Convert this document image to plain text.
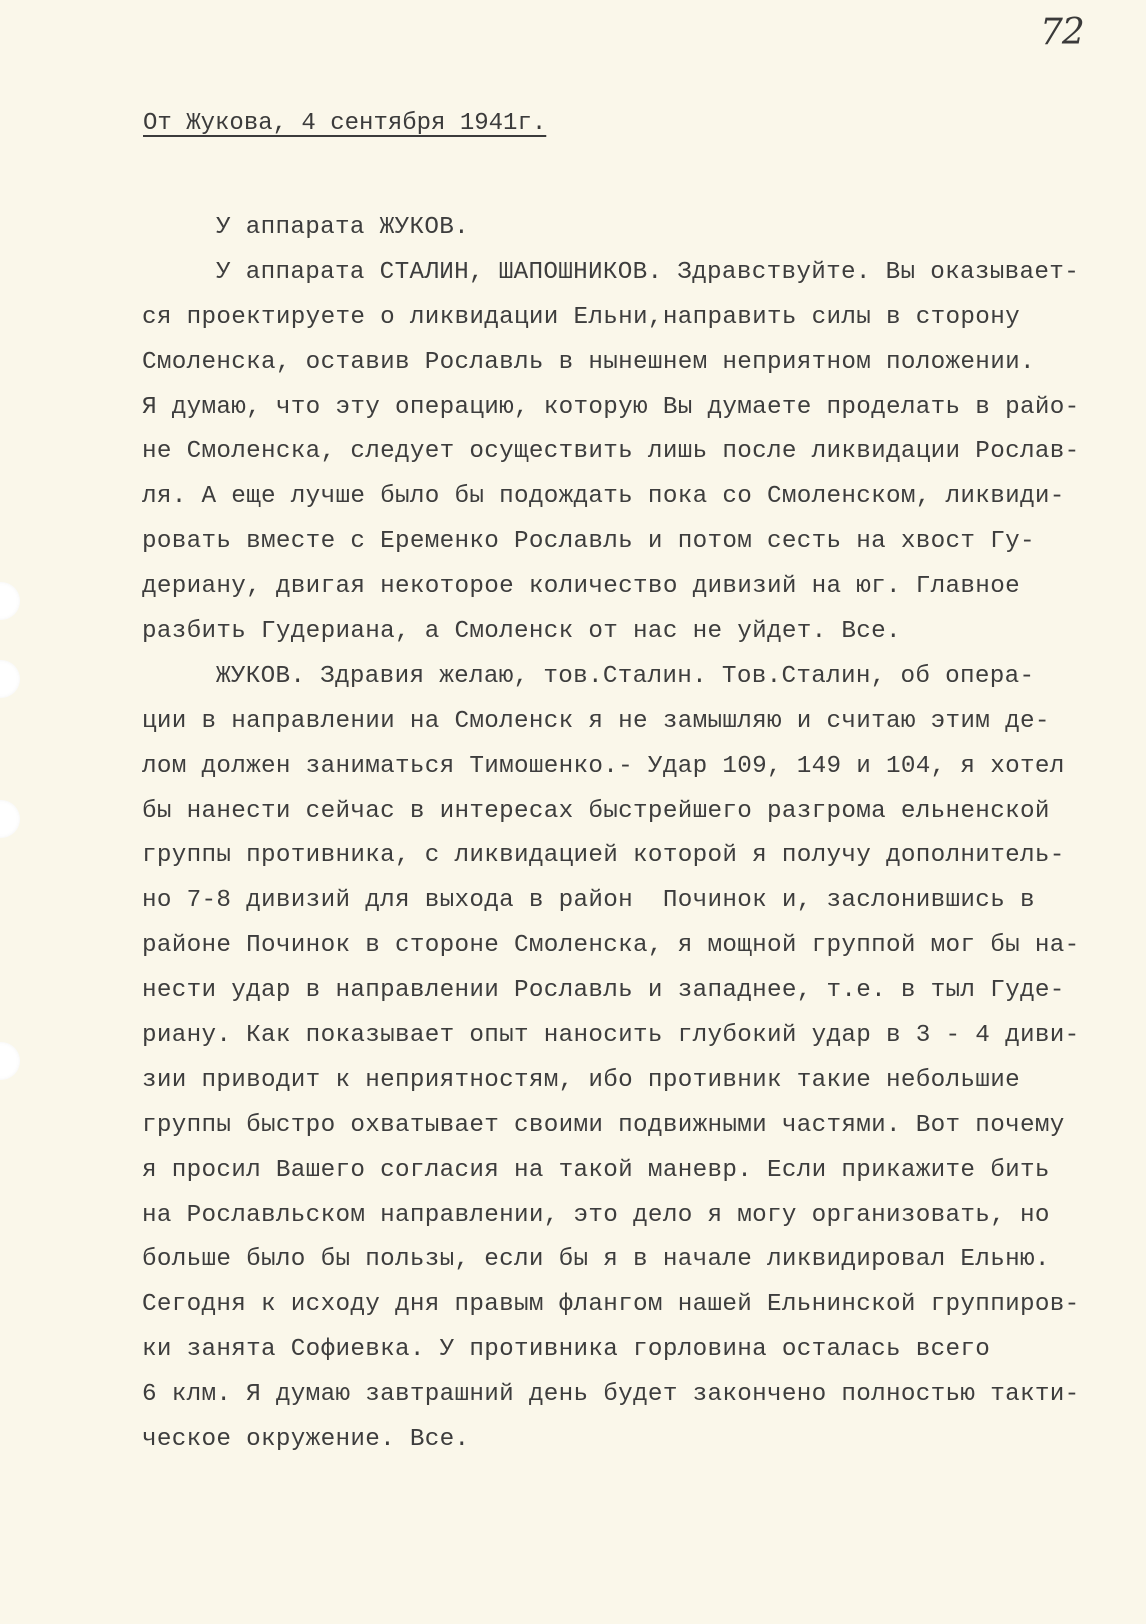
72
От Жукова, 4 сентября 1941г.
У аппарата ЖУКОВ.
У аппарата СТАЛИН, ШАПОШНИКОВ. Здравствуйте. Вы оказывает-
ся проектируете о ликвидации Ельни,направить силы в сторону
Смоленска, оставив Рославль в нынешнем неприятном положении.
Я думаю, что эту операцию, которую Вы думаете проделать в райо-
не Смоленска, следует осуществить лишь после ликвидации Рослав-
ля. А еще лучше было бы подождать пока со Смоленском, ликвиди-
ровать вместе с Еременко Рославль и потом сесть на хвост Гу-
дериану, двигая некоторое количество дивизий на юг. Главное
разбить Гудериана, а Смоленск от нас не уйдет. Все.
ЖУКОВ. Здравия желаю, тов.Сталин. Тов.Сталин, об опера-
ции в направлении на Смоленск я не замышляю и считаю этим де-
лом должен заниматься Тимошенко.- Удар 109, 149 и 104, я хотел
бы нанести сейчас в интересах быстрейшего разгрома ельненской
группы противника, с ликвидацией которой я получу дополнитель-
но 7-8 дивизий для выхода в район  Починок и, заслонившись в
районе Починок в стороне Смоленска, я мощной группой мог бы на-
нести удар в направлении Рославль и западнее, т.е. в тыл Гуде-
риану. Как показывает опыт наносить глубокий удар в 3 - 4 диви-
зии приводит к неприятностям, ибо противник такие небольшие
группы быстро охватывает своими подвижными частями. Вот почему
я просил Вашего согласия на такой маневр. Если прикажите бить
на Рославльском направлении, это дело я могу организовать, но
больше было бы пользы, если бы я в начале ликвидировал Ельню.
Сегодня к исходу дня правым флангом нашей Ельнинской группиров-
ки занята Софиевка. У противника горловина осталась всего
6 клм. Я думаю завтрашний день будет закончено полностью такти-
ческое окружение. Все.
